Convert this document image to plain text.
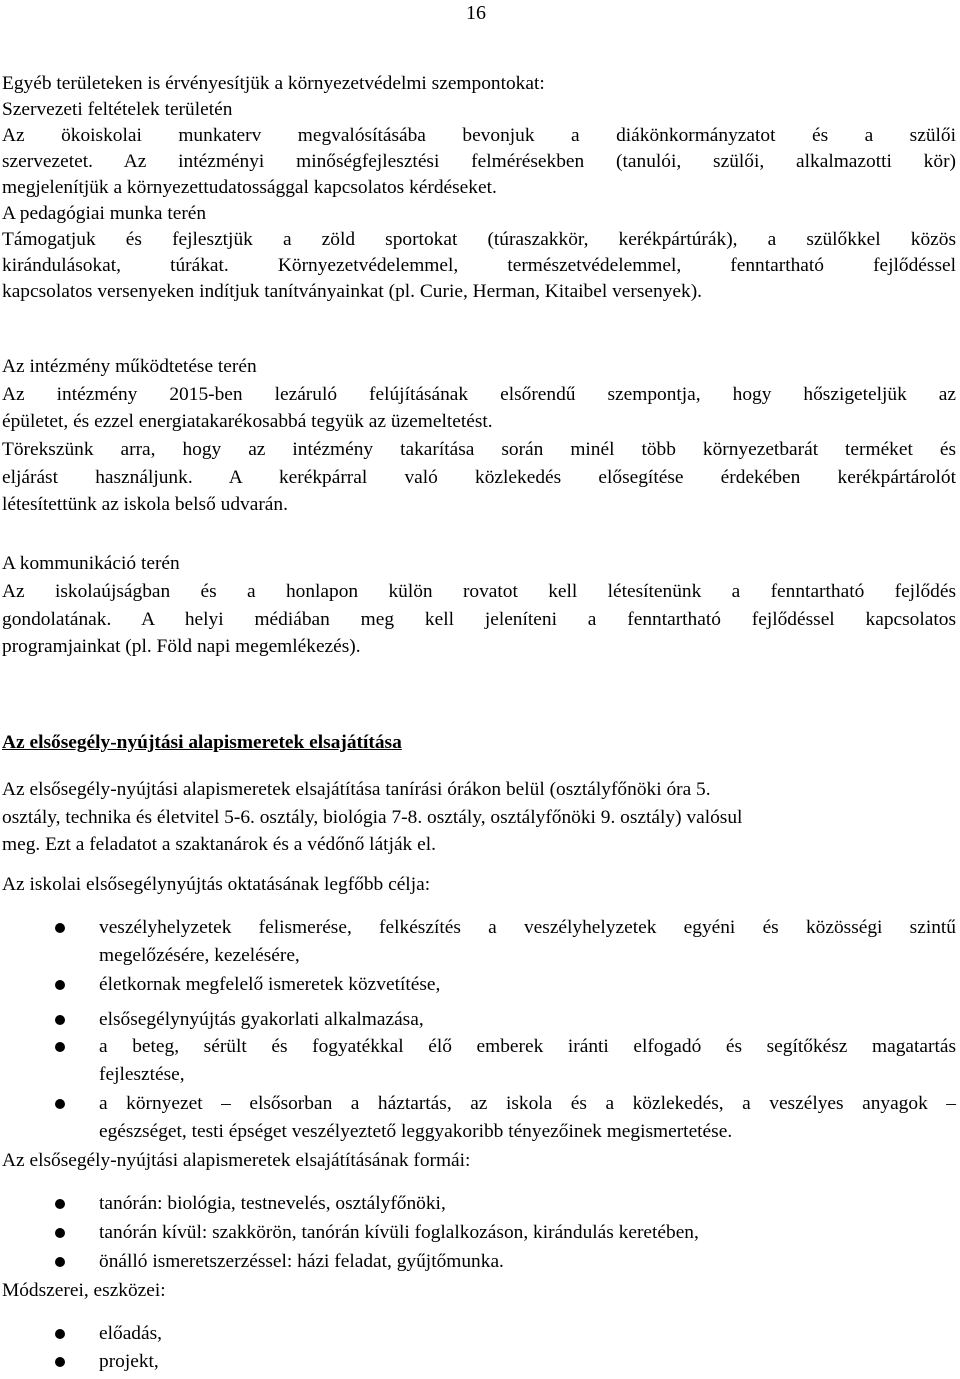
16
Egyéb területeken is érvényesítjük a környezetvédelmi szempontokat:
Szervezeti feltételek területén
Az ökoiskolai munkaterv megvalósításába bevonjuk a diákönkormányzatot és a szülői
szervezetet. Az intézményi minőségfejlesztési felmérésekben (tanulói, szülői, alkalmazotti kör)
megjelenítjük a környezettudatossággal kapcsolatos kérdéseket.
A pedagógiai munka terén
Támogatjuk és fejlesztjük a zöld sportokat (túraszakkör, kerékpártúrák), a szülőkkel közös
kirándulásokat, túrákat. Környezetvédelemmel, természetvédelemmel, fenntartható fejlődéssel
kapcsolatos versenyeken indítjuk tanítványainkat (pl. Curie, Herman, Kitaibel versenyek).
Az intézmény működtetése terén
Az intézmény 2015-ben lezáruló felújításának elsőrendű szempontja, hogy hőszigeteljük az
épületet, és ezzel energiatakarékosabbá tegyük az üzemeltetést.
Törekszünk arra, hogy az intézmény takarítása során minél több környezetbarát terméket és
eljárást használjunk. A kerékpárral való közlekedés elősegítése érdekében kerékpártárolót
létesítettünk az iskola belső udvarán.
A kommunikáció terén
Az iskolaújságban és a honlapon külön rovatot kell létesítenünk a fenntartható fejlődés
gondolatának. A helyi médiában meg kell jeleníteni a fenntartható fejlődéssel kapcsolatos
programjainkat (pl. Föld napi megemlékezés).
Az elsősegély-nyújtási alapismeretek elsajátítása
Az elsősegély-nyújtási alapismeretek elsajátítása tanírási órákon belül (osztályfőnöki óra 5.
osztály, technika és életvitel 5-6. osztály, biológia 7-8. osztály, osztályfőnöki 9. osztály) valósul
meg. Ezt a feladatot a szaktanárok és a védőnő látják el.
Az iskolai elsősegélynyújtás oktatásának legfőbb célja:
veszélyhelyzetek felismerése, felkészítés a veszélyhelyzetek egyéni és közösségi szintű
megelőzésére, kezelésére,
életkornak megfelelő ismeretek közvetítése,
elsősegélynyújtás gyakorlati alkalmazása,
a beteg, sérült és fogyatékkal élő emberek iránti elfogadó és segítőkész magatartás
fejlesztése,
a környezet – elsősorban a háztartás, az iskola és a közlekedés, a veszélyes anyagok –
egészséget, testi épséget veszélyeztető leggyakoribb tényezőinek megismertetése.
Az elsősegély-nyújtási alapismeretek elsajátításának formái:
tanórán: biológia, testnevelés, osztályfőnöki,
tanórán kívül: szakkörön, tanórán kívüli foglalkozáson, kirándulás keretében,
önálló ismeretszerzéssel: házi feladat, gyűjtőmunka.
Módszerei, eszközei:
előadás,
projekt,
